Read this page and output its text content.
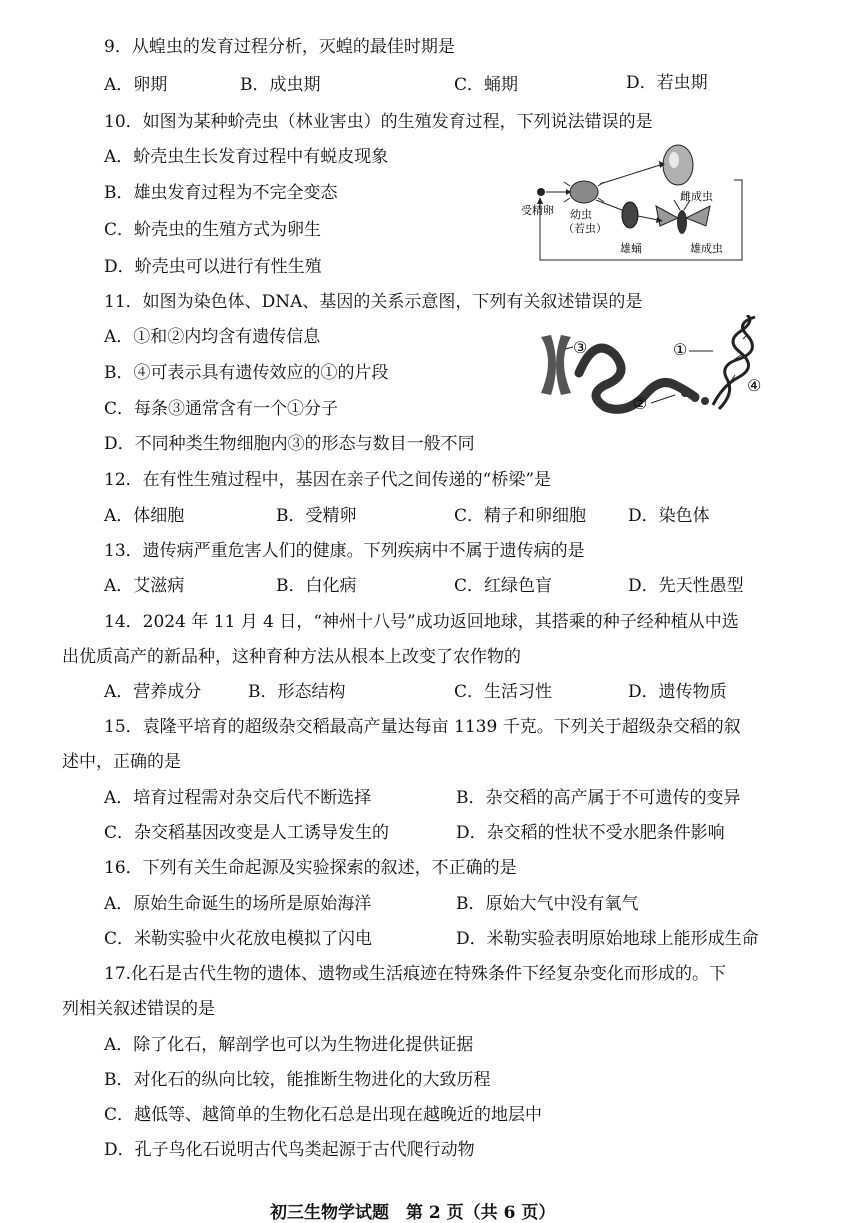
9．从蝗虫的发育过程分析，灭蝗的最佳时期是
A．卵期	B．成虫期	C．蛹期	D．若虫期
10．如图为某种蚧壳虫（林业害虫）的生殖发育过程，下列说法错误的是
A．蚧壳虫生长发育过程中有蜕皮现象
B．雄虫发育过程为不完全变态
C．蚧壳虫的生殖方式为卵生
D．蚧壳虫可以进行有性生殖
受精卵 幼虫
（若虫）
雄蛹
雌成虫
雄成虫
11．如图为染色体、DNA、基因的关系示意图，下列有关叙述错误的是
A．①和②内均含有遗传信息
B．④可表示具有遗传效应的①的片段
C．每条③通常含有一个①分子
D．不同种类生物细胞内③的形态与数目一般不同
③	①
②
④
12．在有性生殖过程中，基因在亲子代之间传递的“桥梁”是
A．体细胞	B．受精卵	C．精子和卵细胞 D．染色体
13．遗传病严重危害人们的健康。下列疾病中不属于遗传病的是
A．艾滋病	B．白化病	C．红绿色盲	D．先天性愚型
14．2024 年 11 月 4 日，“神州十八号”成功返回地球，其搭乘的种子经种植从中选
出优质高产的新品种，这种育种方法从根本上改变了农作物的
A．营养成分	B．形态结构	C．生活习性	D．遗传物质
15．袁隆平培育的超级杂交稻最高产量达每亩 1139 千克。下列关于超级杂交稻的叙
述中，正确的是
A．培育过程需对杂交后代不断选择	B．杂交稻的高产属于不可遗传的变异
C．杂交稻基因改变是人工诱导发生的	D．杂交稻的性状不受水肥条件影响
16．下列有关生命起源及实验探索的叙述，不正确的是
A．原始生命诞生的场所是原始海洋	B．原始大气中没有氧气
C．米勒实验中火花放电模拟了闪电	D．米勒实验表明原始地球上能形成生命
17.化石是古代生物的遗体、遗物或生活痕迹在特殊条件下经复杂变化而形成的。下
列相关叙述错误的是
A．除了化石，解剖学也可以为生物进化提供证据
B．对化石的纵向比较，能推断生物进化的大致历程
C．越低等、越简单的生物化石总是出现在越晚近的地层中
D．孔子鸟化石说明古代鸟类起源于古代爬行动物
初三生物学试题　第 2 页（共 6 页）
